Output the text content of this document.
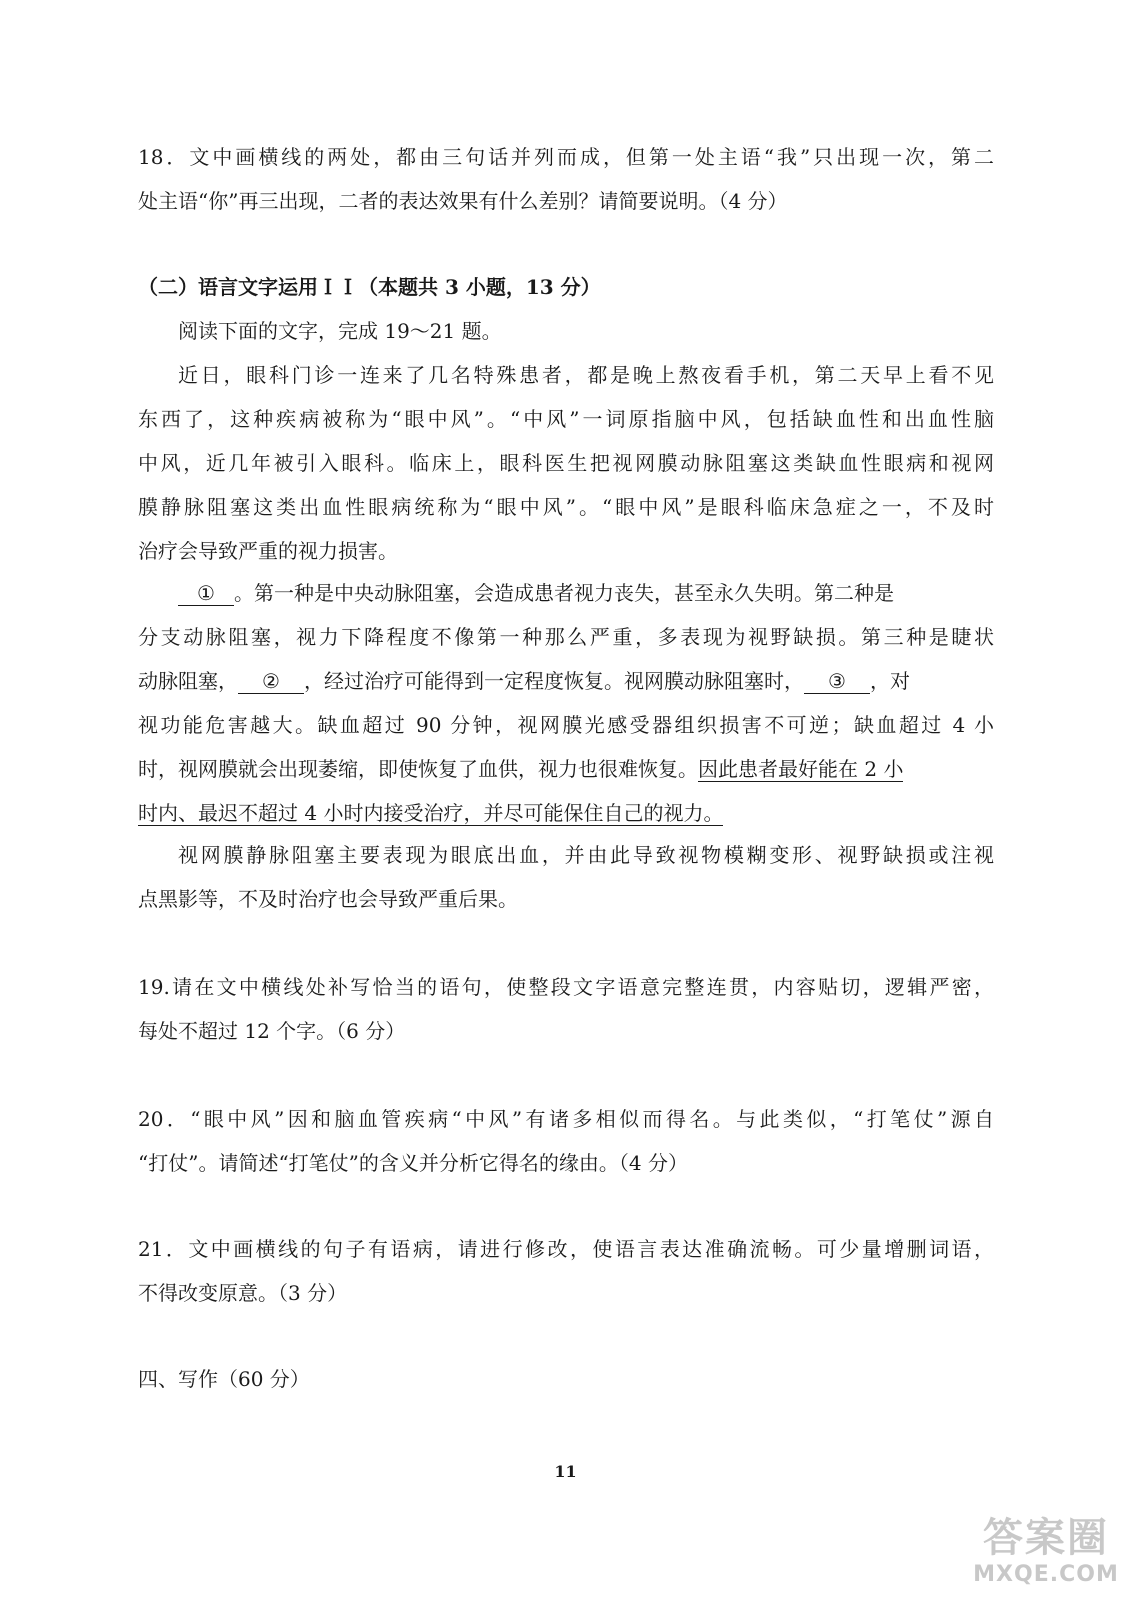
18．文中画横线的两处，都由三句话并列而成，但第一处主语“我”只出现一次，第二
处主语“你”再三出现，二者的表达效果有什么差别？请简要说明。（4 分）
（二）语言文字运用ＩＩ（本题共 3 小题，13 分）
阅读下面的文字，完成 19～21 题。
近日，眼科门诊一连来了几名特殊患者，都是晚上熬夜看手机，第二天早上看不见
东西了，这种疾病被称为“眼中风”。“中风”一词原指脑中风，包括缺血性和出血性脑
中风，近几年被引入眼科。临床上，眼科医生把视网膜动脉阻塞这类缺血性眼病和视网
膜静脉阻塞这类出血性眼病统称为“眼中风”。“眼中风”是眼科临床急症之一，不及时
治疗会导致严重的视力损害。
① 。第一种是中央动脉阻塞，会造成患者视力丧失，甚至永久失明。第二种是
分支动脉阻塞，视力下降程度不像第一种那么严重，多表现为视野缺损。第三种是睫状
动脉阻塞， ② ，经过治疗可能得到一定程度恢复。视网膜动脉阻塞时， ③ ，对
视功能危害越大。缺血超过 90 分钟，视网膜光感受器组织损害不可逆；缺血超过 4 小
时，视网膜就会出现萎缩，即使恢复了血供，视力也很难恢复。因此患者最好能在 2 小
时内、最迟不超过 4 小时内接受治疗，并尽可能保住自己的视力。
视网膜静脉阻塞主要表现为眼底出血，并由此导致视物模糊变形、视野缺损或注视
点黑影等，不及时治疗也会导致严重后果。
19.请在文中横线处补写恰当的语句，使整段文字语意完整连贯，内容贴切，逻辑严密，
每处不超过 12 个字。（6 分）
20．“眼中风”因和脑血管疾病“中风”有诸多相似而得名。与此类似，“打笔仗”源自
“打仗”。请简述“打笔仗”的含义并分析它得名的缘由。（4 分）
21．文中画横线的句子有语病，请进行修改，使语言表达准确流畅。可少量增删词语，
不得改变原意。（3 分）
四、写作（60 分）
11
答案圈
MXQE.COM
